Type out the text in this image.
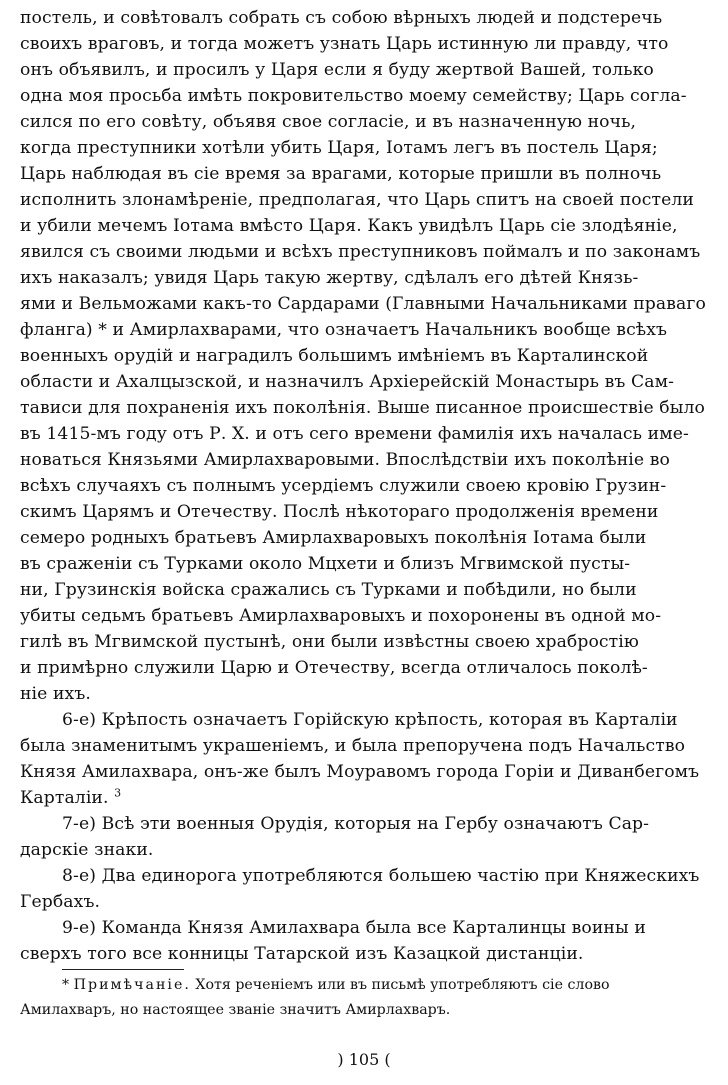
постель, и совѣтовалъ собрать съ собою вѣрныхъ людей и подстеречь
своихъ враговъ, и тогда можетъ узнать Царь истинную ли правду, что
онъ объявилъ, и просилъ у Царя если я буду жертвой Вашей, только
одна моя просьба имѣть покровительство моему семейству; Царь согла-
сился по его совѣту, объявя свое согласіе, и въ назначенную ночь,
когда преступники хотѣли убить Царя, Іотамъ легъ въ постель Царя;
Царь наблюдая въ сіе время за врагами, которые пришли въ полночь
исполнить злонамѣреніе, предполагая, что Царь спитъ на своей постели
и убили мечемъ Іотама вмѣсто Царя. Какъ увидѣлъ Царь сіе злодѣяніе,
явился съ своими людьми и всѣхъ преступниковъ поймалъ и по законамъ
ихъ наказалъ; увидя Царь такую жертву, сдѣлалъ его дѣтей Князь-
ями и Вельможами какъ-то Сардарами (Главными Начальниками праваго
фланга) * и Амирлахварами, что означаетъ Начальникъ вообще всѣхъ
военныхъ орудій и наградилъ большимъ имѣніемъ въ Карталинской
области и Ахалцызской, и назначилъ Архіерейскій Монастырь въ Сам-
тависи для похраненія ихъ поколѣнія. Выше писанное происшествіе было
въ 1415-мъ году отъ Р. Х. и отъ сего времени фамилія ихъ началась име-
новаться Князьями Амирлахваровыми. Впослѣдствіи ихъ поколѣніе во
всѣхъ случаяхъ съ полнымъ усердіемъ служили своею кровію Грузин-
скимъ Царямъ и Отечеству. Послѣ нѣкотораго продолженія времени
семеро родныхъ братьевъ Амирлахваровыхъ поколѣнія Іотама были
въ сраженіи съ Турками около Мцхети и близъ Мгвимской пусты-
ни, Грузинскія войска сражались съ Турками и побѣдили, но были
убиты седьмъ братьевъ Амирлахваровыхъ и похоронены въ одной мо-
гилѣ въ Мгвимской пустынѣ, они были извѣстны своею храбростію
и примѣрно служили Царю и Отечеству, всегда отличалось поколѣ-
ніе ихъ.
6-е) Крѣпость означаетъ Горійскую крѣпость, которая въ Карталіи
была знаменитымъ украшеніемъ, и была препоручена подъ Начальство
Князя Амилахвара, онъ-же былъ Моуравомъ города Горіи и Диванбегомъ
Карталіи. $^3$
7-е) Всѣ эти военныя Орудія, которыя на Гербу означаютъ Сар-
дарскіе знаки.
8-е) Два единорога употребляются большею частію при Княжескихъ
Гербахъ.
9-е) Команда Князя Амилахвара была все Карталинцы воины и
сверхъ того все конницы Татарской изъ Казацкой дистанціи.
* Примѣчаніе. Хотя реченіемъ или въ письмѣ употребляютъ сіе слово
Амилахваръ, но настоящее званіе значитъ Амирлахваръ.
) 105 (
